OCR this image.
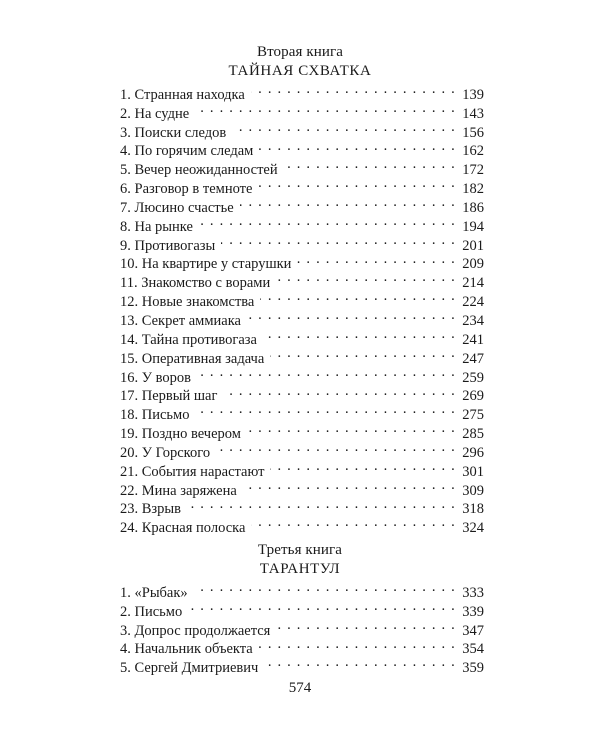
Вторая книга
ТАЙНАЯ СХВАТКА
1. Странная находка . . .	139
2. На судне . . .	143
3. Поиски следов . . .	156
4. По горячим следам . . .	162
5. Вечер неожиданностей . . .	172
6. Разговор в темноте . . .	182
7. Люсино счастье . . .	186
8. На рынке . . .	194
9. Противогазы . . .	201
10. На квартире у старушки . . .	209
11. Знакомство с ворами . . .	214
12. Новые знакомства . . .	224
13. Секрет аммиака . . .	234
14. Тайна противогаза . . .	241
15. Оперативная задача . . .	247
16. У воров . . .	259
17. Первый шаг . . .	269
18. Письмо . . .	275
19. Поздно вечером . . .	285
20. У Горского . . .	296
21. События нарастают . . .	301
22. Мина заряжена . . .	309
23. Взрыв . . .	318
24. Красная полоска . . .	324
Третья книга
ТАРАНТУЛ
1. «Рыбак» . . .	333
2. Письмо . . .	339
3. Допрос продолжается . . .	347
4. Начальник объекта . . .	354
5. Сергей Дмитриевич . . .	359
574
